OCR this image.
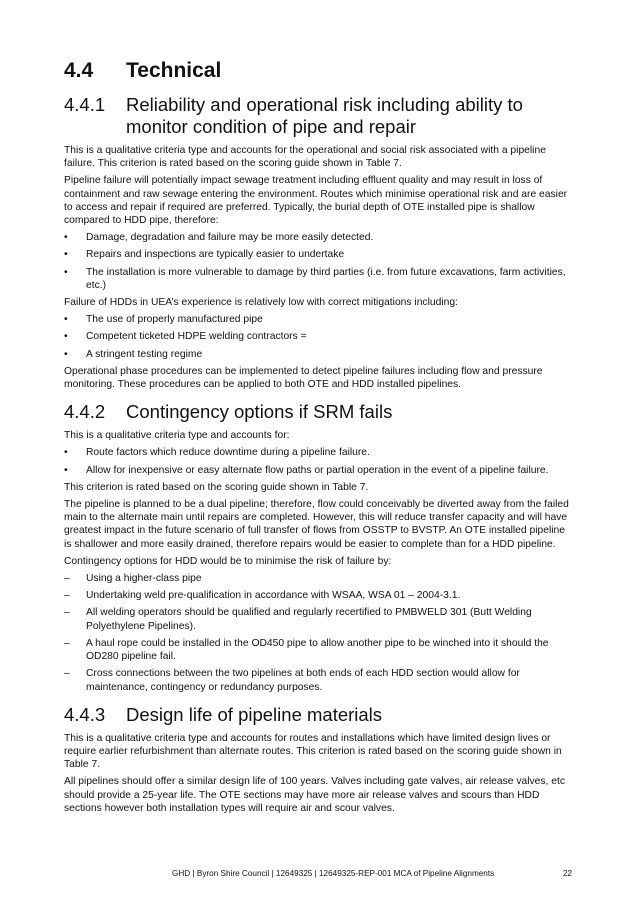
4.4	Technical
4.4.1	Reliability and operational risk including ability to monitor condition of pipe and repair

This is a qualitative criteria type and accounts for the operational and social risk associated with a pipeline failure. This criterion is rated based on the scoring guide shown in Table 7.

Pipeline failure will potentially impact sewage treatment including effluent quality and may result in loss of containment and raw sewage entering the environment. Routes which minimise operational risk and are easier to access and repair if required are preferred. Typically, the burial depth of OTE installed pipe is shallow compared to HDD pipe, therefore:

•	Damage, degradation and failure may be more easily detected.
•	Repairs and inspections are typically easier to undertake
•	The installation is more vulnerable to damage by third parties (i.e. from future excavations, farm activities, etc.)

Failure of HDDs in UEA’s experience is relatively low with correct mitigations including:

•	The use of properly manufactured pipe
•	Competent ticketed HDPE welding contractors =
•	A stringent testing regime

Operational phase procedures can be implemented to detect pipeline failures including flow and pressure monitoring. These procedures can be applied to both OTE and HDD installed pipelines.

4.4.2	Contingency options if SRM fails

This is a qualitative criteria type and accounts for:

•	Route factors which reduce downtime during a pipeline failure.
•	Allow for inexpensive or easy alternate flow paths or partial operation in the event of a pipeline failure.

This criterion is rated based on the scoring guide shown in Table 7.

The pipeline is planned to be a dual pipeline; therefore, flow could conceivably be diverted away from the failed main to the alternate main until repairs are completed. However, this will reduce transfer capacity and will have greatest impact in the future scenario of full transfer of flows from OSSTP to BVSTP. An OTE installed pipeline is shallower and more easily drained, therefore repairs would be easier to complete than for a HDD pipeline.

Contingency options for HDD would be to minimise the risk of failure by:

–	Using a higher-class pipe
–	Undertaking weld pre-qualification in accordance with WSAA, WSA 01 – 2004-3.1.
–	All welding operators should be qualified and regularly recertified to PMBWELD 301 (Butt Welding Polyethylene Pipelines).
–	A haul rope could be installed in the OD450 pipe to allow another pipe to be winched into it should the OD280 pipeline fail.
–	Cross connections between the two pipelines at both ends of each HDD section would allow for maintenance, contingency or redundancy purposes.
4.4.3	Design life of pipeline materials

This is a qualitative criteria type and accounts for routes and installations which have limited design lives or require earlier refurbishment than alternate routes. This criterion is rated based on the scoring guide shown in Table 7.

All pipelines should offer a similar design life of 100 years. Valves including gate valves, air release valves, etc should provide a 25-year life. The OTE sections may have more air release valves and scours than HDD sections however both installation types will require air and scour valves.

GHD | Byron Shire Council | 12649325 | 12649325-REP-001 MCA of Pipeline Alignments	22
